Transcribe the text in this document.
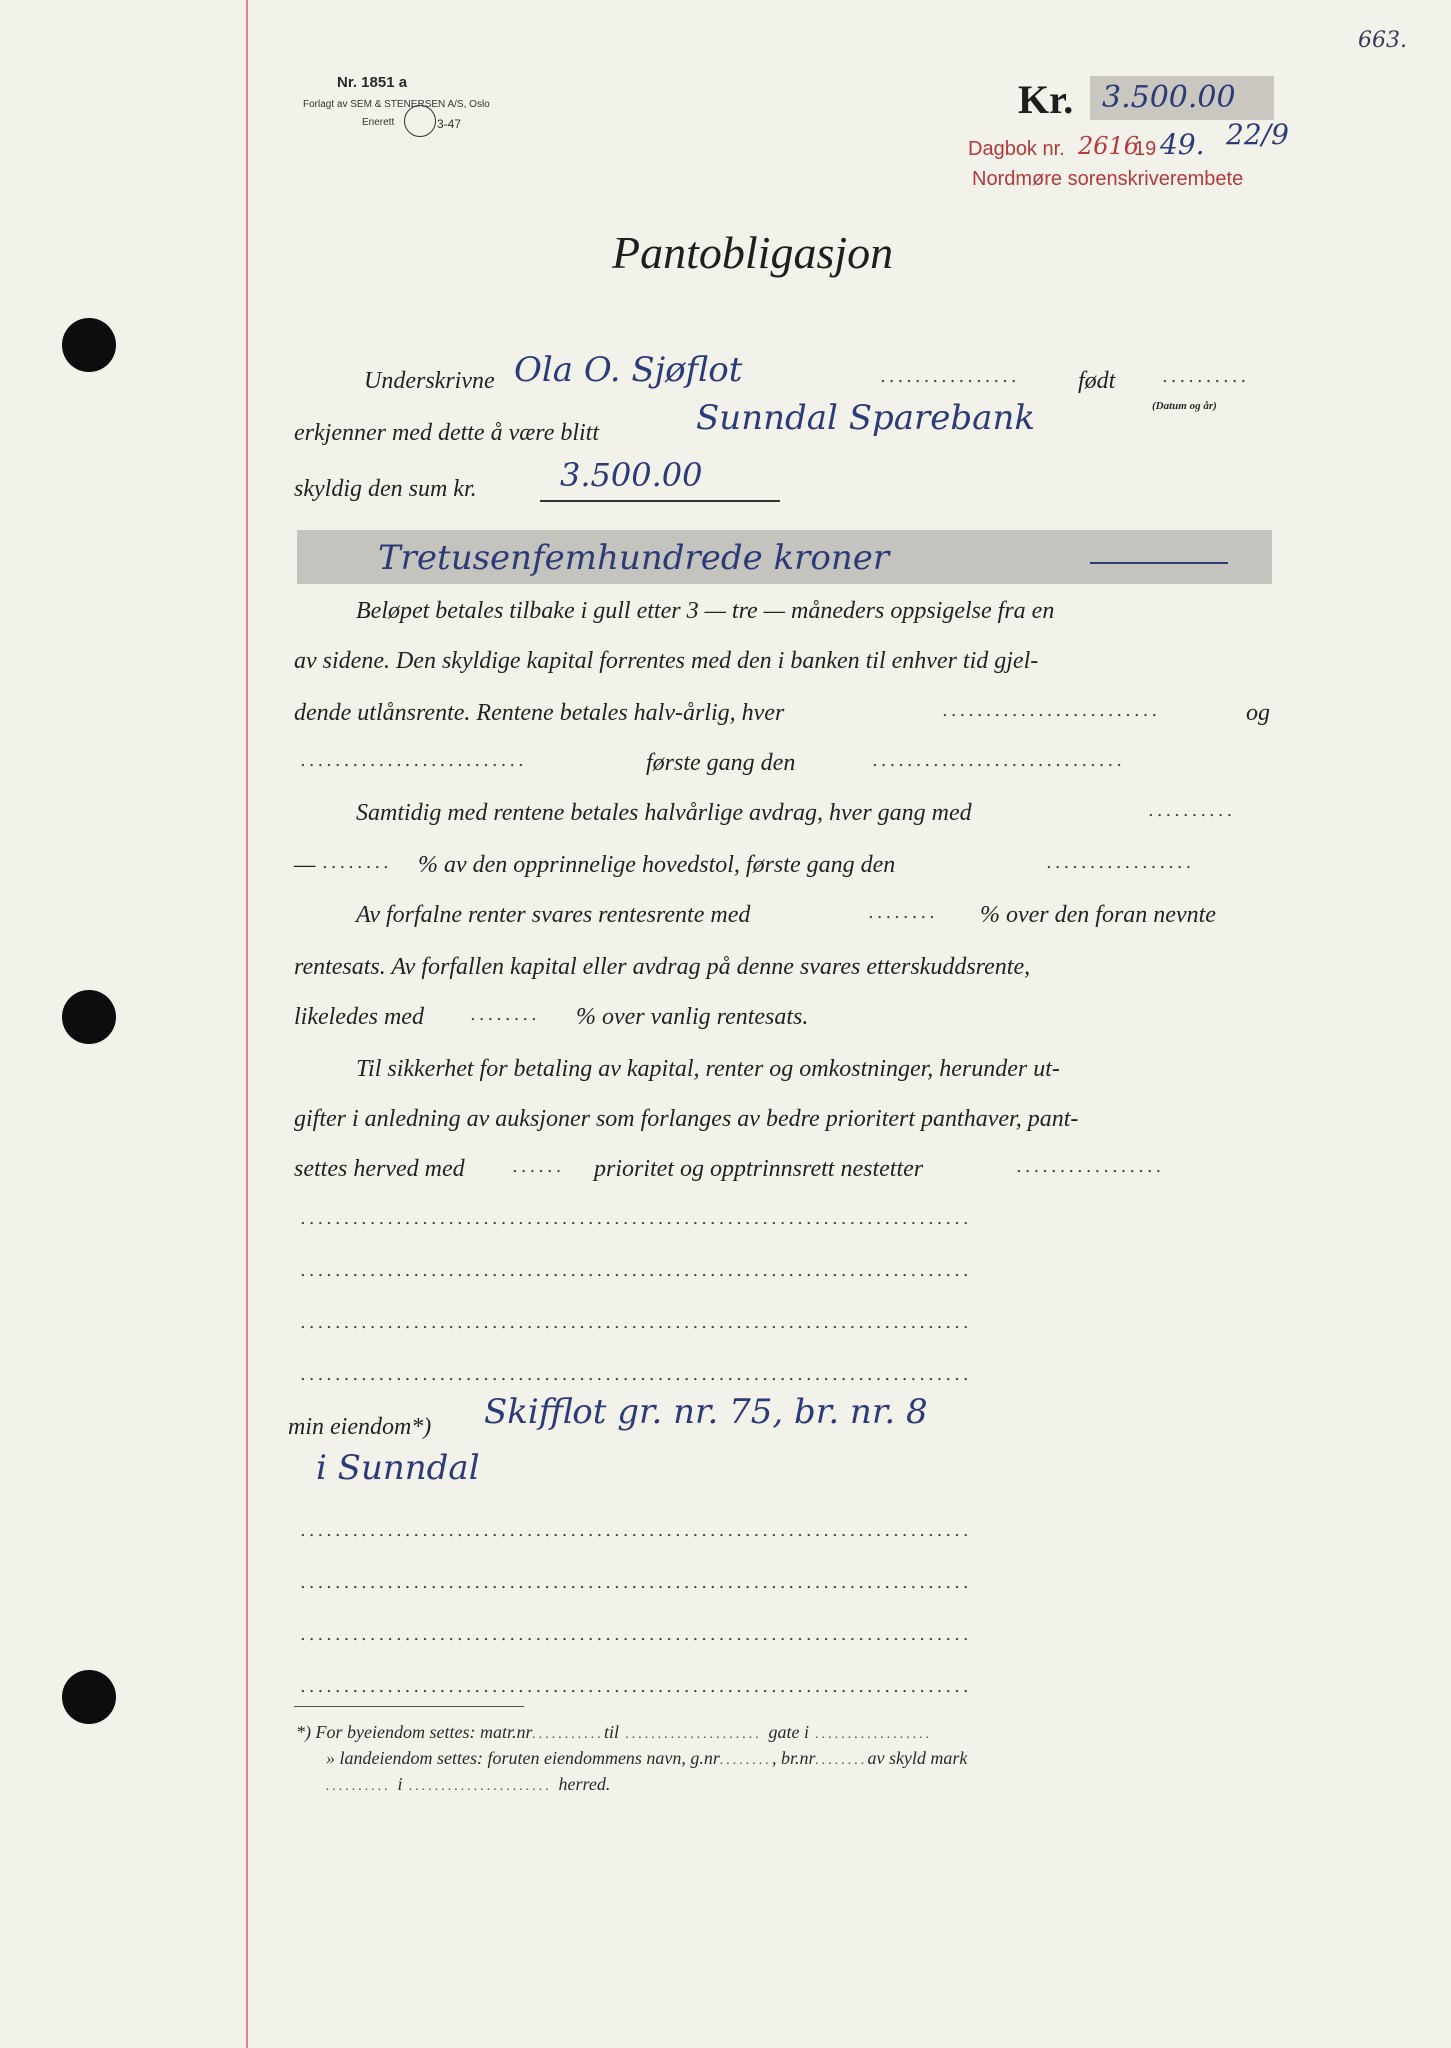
663.
Nr. 1851 a
Forlagt av SEM & STENERSEN A/S, Oslo
Enerett	3-47
Kr. 3.500.00
Dagbok nr. 2616
19 49. 22/9
Nordmøre sorenskriverembete
Pantobligasjon
Underskrivne Ola O. Sjøflot	................ født	..........
(Datum og år)
erkjenner med dette å være blitt	Sunndal Sparebank
skyldig den sum kr.	3.500.00
Tretusenfemhundrede kroner
Beløpet betales tilbake i gull etter 3 — tre — måneders oppsigelse fra en
av sidene. Den skyldige kapital forrentes med den i banken til enhver tid gjel-
dende utlånsrente. Rentene betales halv-årlig, hver	.........................	og
..........................	første gang den	.............................
Samtidig med rentene betales halvårlige avdrag, hver gang med	..........
— ........ % av den opprinnelige hovedstol, første gang den	.................
Av forfalne renter svares rentesrente med	........ % over den foran nevnte
rentesats. Av forfallen kapital eller avdrag på denne svares etterskuddsrente,
likeledes med	........ % over vanlig rentesats.
Til sikkerhet for betaling av kapital, renter og omkostninger, herunder ut-
gifter i anledning av auksjoner som forlanges av bedre prioritert panthaver, pant-
settes herved med	...... prioritet og opptrinnsrett nestetter	.................
.............................................................................
.............................................................................
.............................................................................
.............................................................................
min eiendom*) Skifflot gr. nr. 75, br. nr. 8
i Sunndal
.............................................................................
.............................................................................
.............................................................................
.............................................................................
*) For byeiendom settes: matr.nr...........til ..................... gate i ..................
» landeiendom settes: foruten eiendommens navn, g.nr........, br.nr........av skyld mark
.......... i ...................... herred.
